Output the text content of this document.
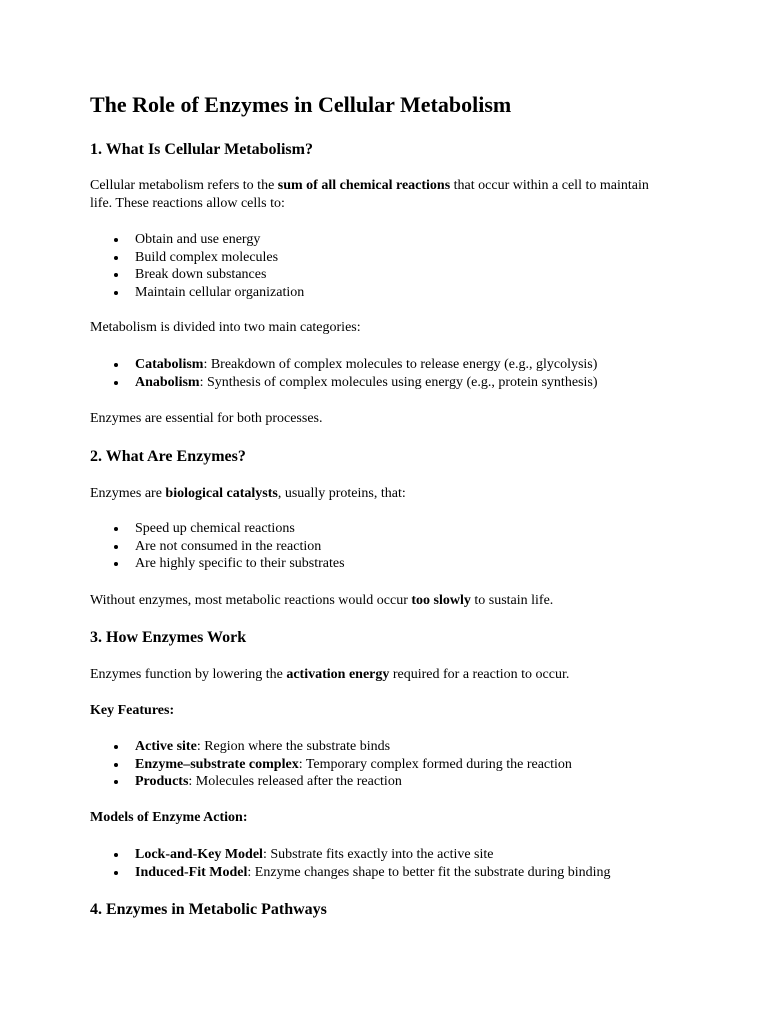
The Role of Enzymes in Cellular Metabolism
1. What Is Cellular Metabolism?

Cellular metabolism refers to the sum of all chemical reactions that occur within a cell to maintain life. These reactions allow cells to:

Obtain and use energy
Build complex molecules
Break down substances
Maintain cellular organization

Metabolism is divided into two main categories:

Catabolism: Breakdown of complex molecules to release energy (e.g., glycolysis)
Anabolism: Synthesis of complex molecules using energy (e.g., protein synthesis)

Enzymes are essential for both processes.

2. What Are Enzymes?

Enzymes are biological catalysts, usually proteins, that:

Speed up chemical reactions
Are not consumed in the reaction
Are highly specific to their substrates

Without enzymes, most metabolic reactions would occur too slowly to sustain life.

3. How Enzymes Work

Enzymes function by lowering the activation energy required for a reaction to occur.

Key Features:

Active site: Region where the substrate binds
Enzyme–substrate complex: Temporary complex formed during the reaction
Products: Molecules released after the reaction

Models of Enzyme Action:

Lock-and-Key Model: Substrate fits exactly into the active site
Induced-Fit Model: Enzyme changes shape to better fit the substrate during binding
4. Enzymes in Metabolic Pathways
